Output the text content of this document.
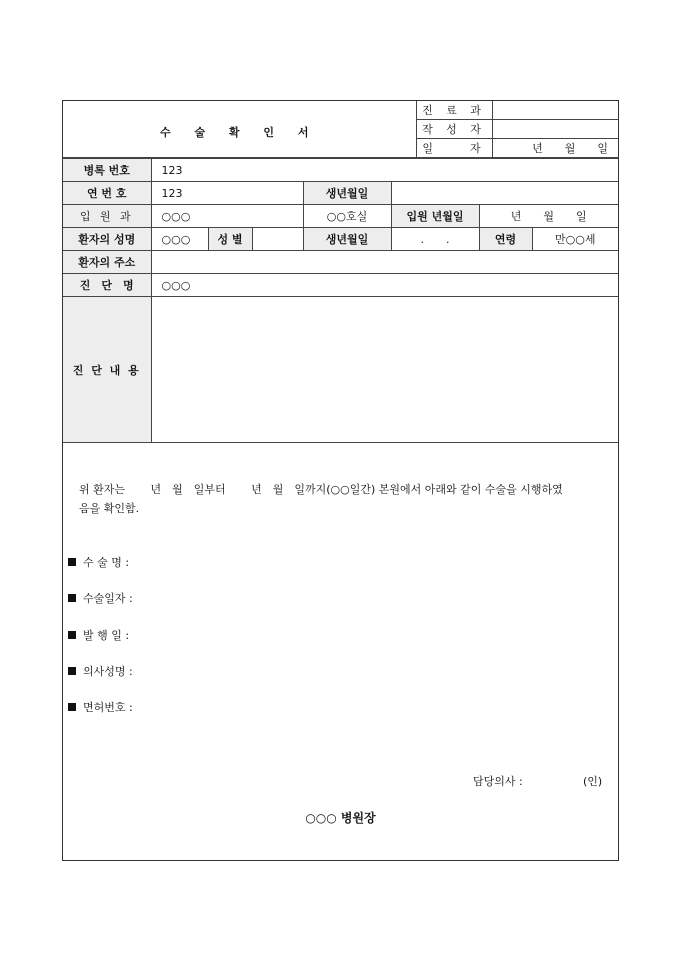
수 술 확 인 서	진 료 과	
	작 성 자	
	일　　자	년　　월　　일
병록 번호	123						
연 번 호	123			생년월일			
입 원 과	○○○			○○호실	입원 년월일	년　　월　　일	
환자의 성명	○○○	성 별		생년월일	.　　.	연령	만○○세
환자의 주소							
진　단　명	○○○						
진 단 내 용							
위 환자는　　 년　월　일부터　　 년　월　일까지(○○일간) 본원에서 아래와 같이 수술을 시행하였
음을 확인함.
수 술 명 :
수술일자 :
발 행 일 :
의사성명 :
면허번호 :
담당의사 :	(인)
○○○ 병원장
